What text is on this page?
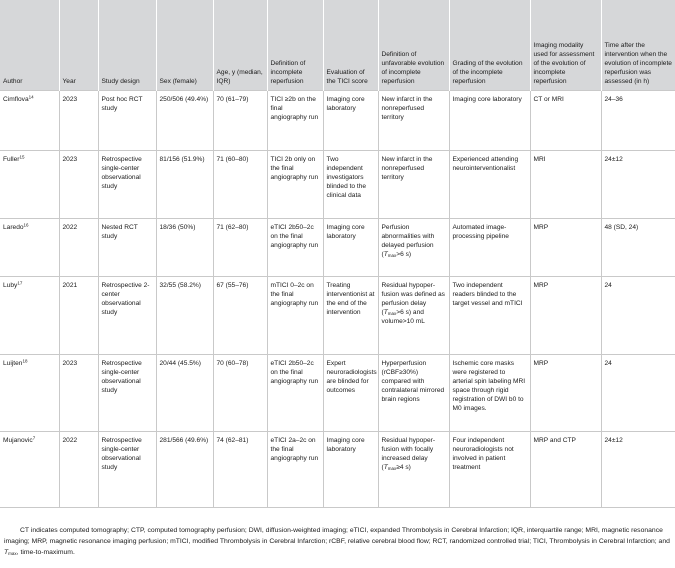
Author	Year	Study design	Sex (female)	Age, y (median, IQR)	Definition of incomplete reperfusion	Evaluation of the TICI score	Definition of unfavorable evolution of incomplete reperfusion	Grading of the evolution of the incomplete reperfusion	Imaging modality used for assessment of the evolution of incomplete reperfusion	Time after the intervention when the evolution of incomplete reperfusion was assessed (in h)
Cimflova$^{14}$	2023	Post hoc RCT study	250/506 (49.4%)	70 (61–79)	TICI ≥2b on the final angiography run	Imaging core laboratory	New infarct in the nonreperfused territory	Imaging core laboratory	CT or MRI	24–36
Fuller$^{15}$	2023	Retrospective single-center observational study	81/156 (51.9%)	71 (60–80)	TICI 2b only on the final angiography run	Two independent investigators blinded to the clinical data	New infarct in the nonreperfused territory	Experienced attending neurointerventionalist	MRI	24±12
Laredo$^{16}$	2022	Nested RCT study	18/36 (50%)	71 (62–80)	eTICI 2b50–2c on the final angiography run	Imaging core laboratory	Perfusion abnormalities with delayed perfusion ($T_{max}>6$ s)	Automated image-processing pipeline	MRP	48 (SD, 24)
Luby$^{17}$	2021	Retrospective 2-center observational study	32/55 (58.2%)	67 (55–76)	mTICI 0–2c on the final angiography run	Treating interventionist at the end of the intervention	Residual hypoper-fusion was defined as perfusion delay ($T_{max}>6$ s) and volume>10 mL	Two independent readers blinded to the target vessel and mTICI	MRP	24
Luijten$^{18}$	2023	Retrospective single-center observational study	20/44 (45.5%)	70 (60–78)	eTICI 2b50–2c on the final angiography run	Expert neuroradiologists are blinded for outcomes	Hyperperfusion (rCBF≥30%) compared with contralateral mirrored brain regions	Ischemic core masks were registered to arterial spin labeling MRI space through rigid registration of DWI b0 to M0 images.	MRP	24
Mujanovic$^7$	2022	Retrospective single-center observational study	281/566 (49.6%)	74 (62–81)	eTICI 2a–2c on the final angiography run	Imaging core laboratory	Residual hypoper-fusion with focally increased delay ($T_{max}\ge 4$ s)	Four independent neuroradiologists not involved in patient treatment	MRP and CTP	24±12

CT indicates computed tomography; CTP, computed tomography perfusion; DWI, diffusion-weighted imaging; eTICI, expanded Thrombolysis in Cerebral Infarction; IQR, interquartile range; MRI, magnetic resonance imaging; MRP, magnetic resonance imaging perfusion; mTICI, modified Thrombolysis in Cerebral Infarction; rCBF, relative cerebral blood flow; RCT, randomized controlled trial; TICI, Thrombolysis in Cerebral Infarction; and $T_{max}$, time-to-maximum.
